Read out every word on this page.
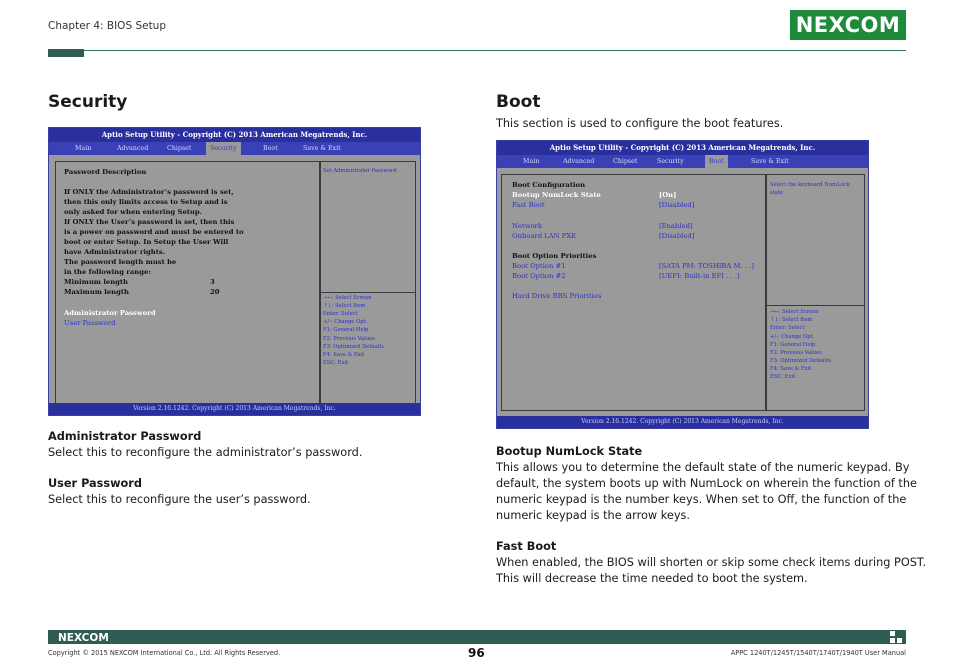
Chapter 4: BIOS Setup	NEXCOM
Security
Aptio Setup Utility - Copyright (C) 2013 American Megatrends, Inc.
Main	Advanced	Chipset	Security	Boot	Save & Exit
Password Description
If ONLY the Administrator’s password is set,
then this only limits access to Setup and is
only asked for when entering Setup.
If ONLY the User’s password is set, then this
is a power on password and must be entered to
boot or enter Setup. In Setup the User Will
have Administrator rights.
The password length must be
in the following range:
Minimum length	3
Maximum length	20
Administrator Password
User Password
Set Administrator Password
→←: Select Screen
↑↓: Select Item
Enter: Select
+/-: Change Opt.
F1: General Help
F2: Previous Values
F3: Optimized Defaults
F4: Save & Exit
ESC: Exit
Version 2.16.1242. Copyright (C) 2013 American Megatrends, Inc.
Administrator Password
Select this to reconfigure the administrator’s password.
User Password
Select this to reconfigure the user’s password.
Boot
This section is used to configure the boot features.
Aptio Setup Utility - Copyright (C) 2013 American Megatrends, Inc.
Main	Advanced	Chipset	Security	Boot	Save & Exit
Boot Configuration
Bootup NumLock State	[On]
Fast Boot	[Disabled]
Network	[Enabled]
Onboard LAN PXE	[Disabled]
Boot Option Priorities
Boot Option #1	[SATA PM: TOSHIBA M. . .]
Boot Option #2	[UEFI: Built-in EFI . . .]
Hard Drive BBS Priorities
Select the keyboard NumLock
state
→←: Select Screen
↑↓: Select Item
Enter: Select
+/-: Change Opt.
F1: General Help
F2: Previous Values
F3: Optimized Defaults
F4: Save & Exit
ESC: Exit
Version 2.16.1242. Copyright (C) 2013 American Megatrends, Inc.
Bootup NumLock State
This allows you to determine the default state of the numeric keypad. By
default, the system boots up with NumLock on wherein the function of the
numeric keypad is the number keys. When set to Off, the function of the
numeric keypad is the arrow keys.
Fast Boot
When enabled, the BIOS will shorten or skip some check items during POST.
This will decrease the time needed to boot the system.
NEXCOM
Copyright © 2015 NEXCOM International Co., Ltd. All Rights Reserved.	96	APPC 1240T/1245T/1540T/1740T/1940T User Manual
